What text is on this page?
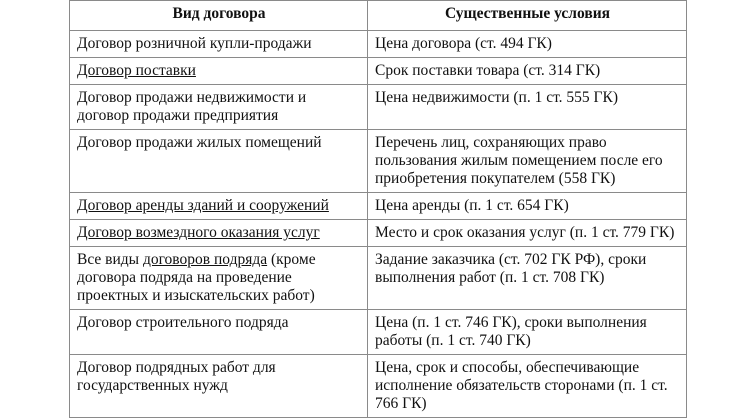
Вид договора	Существенные условия
Договор розничной купли-продажи	Цена договора (ст. 494 ГК)
Договор поставки	Срок поставки товара (ст. 314 ГК)
Договор продажи недвижимости и договор продажи предприятия	Цена недвижимости (п. 1 ст. 555 ГК)
Договор продажи жилых помещений	Перечень лиц, сохраняющих право пользования жилым помещением после его приобретения покупателем (558 ГК)
Договор аренды зданий и сооружений	Цена аренды (п. 1 ст. 654 ГК)
Договор возмездного оказания услуг	Место и срок оказания услуг (п. 1 ст. 779 ГК)
Все виды договоров подряда (кроме договора подряда на проведение проектных и изыскательских работ)	Задание заказчика (ст. 702 ГК РФ), сроки выполнения работ (п. 1 ст. 708 ГК)
Договор строительного подряда	Цена (п. 1 ст. 746 ГК), сроки выполнения работы (п. 1 ст. 740 ГК)
Договор подрядных работ для государственных нужд	Цена, срок и способы, обеспечивающие исполнение обязательств сторонами (п. 1 ст. 766 ГК)
